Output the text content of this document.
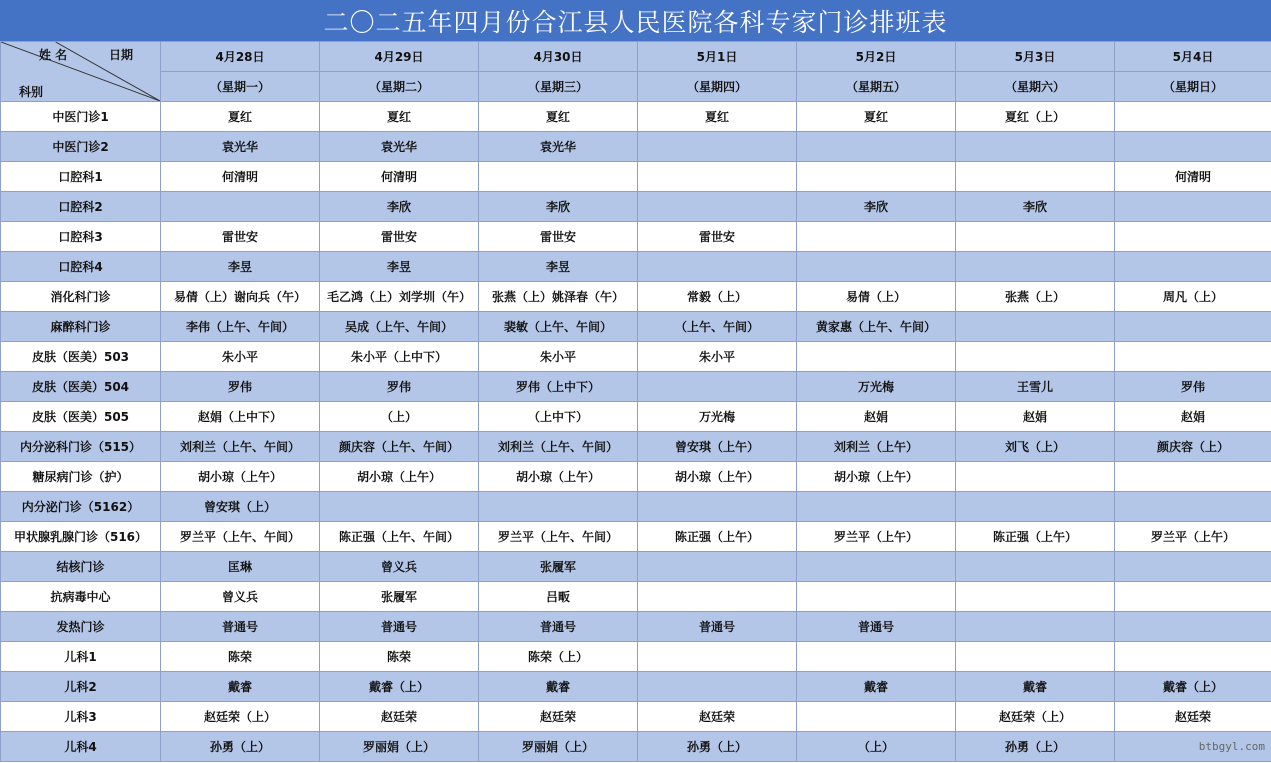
二〇二五年四月份合江县人民医院各科专家门诊排班表
姓 名 日期
科别	4月28日	4月29日	4月30日	5月1日	5月2日	5月3日	5月4日
	（星期一）	（星期二）	（星期三）	（星期四）	（星期五）	（星期六）	（星期日）
中医门诊1	夏红	夏红	夏红	夏红	夏红	夏红（上）	
中医门诊2	袁光华	袁光华	袁光华				
口腔科1	何清明	何清明					何清明
口腔科2		李欣	李欣		李欣	李欣	
口腔科3	雷世安	雷世安	雷世安	雷世安			
口腔科4	李昱	李昱	李昱				
消化科门诊	易倩（上）谢向兵（午）	毛乙鸿（上）刘学圳（午）	张燕（上）姚泽春（午）	常毅（上）	易倩（上）	张燕（上）	周凡（上）
麻醉科门诊	李伟（上午、午间）	吴成（上午、午间）	裴敏（上午、午间）	（上午、午间）	黄家惠（上午、午间）		
皮肤（医美）503	朱小平	朱小平（上中下）	朱小平	朱小平			
皮肤（医美）504	罗伟	罗伟	罗伟（上中下）		万光梅	王雪儿	罗伟
皮肤（医美）505	赵娟（上中下）	（上）	（上中下）	万光梅	赵娟	赵娟	赵娟
内分泌科门诊（515）	刘利兰（上午、午间）	颜庆容（上午、午间）	刘利兰（上午、午间）	曾安琪（上午）	刘利兰（上午）	刘飞（上）	颜庆容（上）
糖尿病门诊（护）	胡小琼（上午）	胡小琼（上午）	胡小琼（上午）	胡小琼（上午）	胡小琼（上午）		
内分泌门诊（5162）	曾安琪（上）						
甲状腺乳腺门诊（516）	罗兰平（上午、午间）	陈正强（上午、午间）	罗兰平（上午、午间）	陈正强（上午）	罗兰平（上午）	陈正强（上午）	罗兰平（上午）
结核门诊	匡琳	曾义兵	张履军				
抗病毒中心	曾义兵	张履军	吕畈				
发热门诊	普通号	普通号	普通号	普通号	普通号		
儿科1	陈荣	陈荣	陈荣（上）				
儿科2	戴睿	戴睿（上）	戴睿		戴睿	戴睿	戴睿（上）
儿科3	赵廷荣（上）	赵廷荣	赵廷荣	赵廷荣		赵廷荣（上）	赵廷荣
儿科4	孙勇（上）	罗丽娟（上）	罗丽娟（上）	孙勇（上）	（上）	孙勇（上）		btbgyl.com
